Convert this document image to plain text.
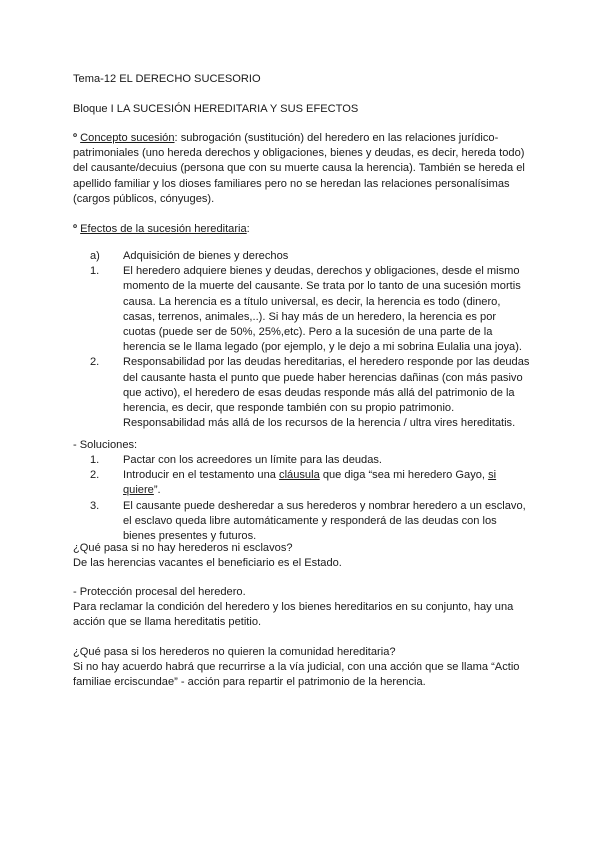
Tema-12 EL DERECHO SUCESORIO

Bloque I LA SUCESIÓN HEREDITARIA Y SUS EFECTOS

º Concepto sucesión: subrogación (sustitución) del heredero en las relaciones jurídico-patrimoniales (uno hereda derechos y obligaciones, bienes y deudas, es decir, hereda todo) del causante/decuius (persona que con su muerte causa la herencia). También se hereda el apellido familiar y los dioses familiares pero no se heredan las relaciones personalísimas (cargos públicos, cónyuges).

º Efectos de la sucesión hereditaria:

a)	Adquisición de bienes y derechos
1.	El heredero adquiere bienes y deudas, derechos y obligaciones, desde el mismo momento de la muerte del causante. Se trata por lo tanto de una sucesión mortis causa. La herencia es a título universal, es decir, la herencia es todo (dinero, casas, terrenos, animales,..). Si hay más de un heredero, la herencia es por cuotas (puede ser de 50%, 25%,etc). Pero a la sucesión de una parte de la herencia se le llama legado (por ejemplo, y le dejo a mi sobrina Eulalia una joya).
2.	Responsabilidad por las deudas hereditarias, el heredero responde por las deudas del causante hasta el punto que puede haber herencias dañinas (con más pasivo que activo), el heredero de esas deudas responde más allá del patrimonio de la herencia, es decir, que responde también con su propio patrimonio. Responsabilidad más allá de los recursos de la herencia / ultra vires hereditatis.

- Soluciones:

1.	Pactar con los acreedores un límite para las deudas.
2.	Introducir en el testamento una cláusula que diga “sea mi heredero Gayo, si quiere”.
3.	El causante puede desheredar a sus herederos y nombrar heredero a un esclavo, el esclavo queda libre automáticamente y responderá de las deudas con los bienes presentes y futuros.

¿Qué pasa si no hay herederos ni esclavos?

De las herencias vacantes el beneficiario es el Estado.

- Protección procesal del heredero.

Para reclamar la condición del heredero y los bienes hereditarios en su conjunto, hay una acción que se llama hereditatis petitio.

¿Qué pasa si los herederos no quieren la comunidad hereditaria?

Si no hay acuerdo habrá que recurrirse a la vía judicial, con una acción que se llama “Actio familiae erciscundae” - acción para repartir el patrimonio de la herencia.
